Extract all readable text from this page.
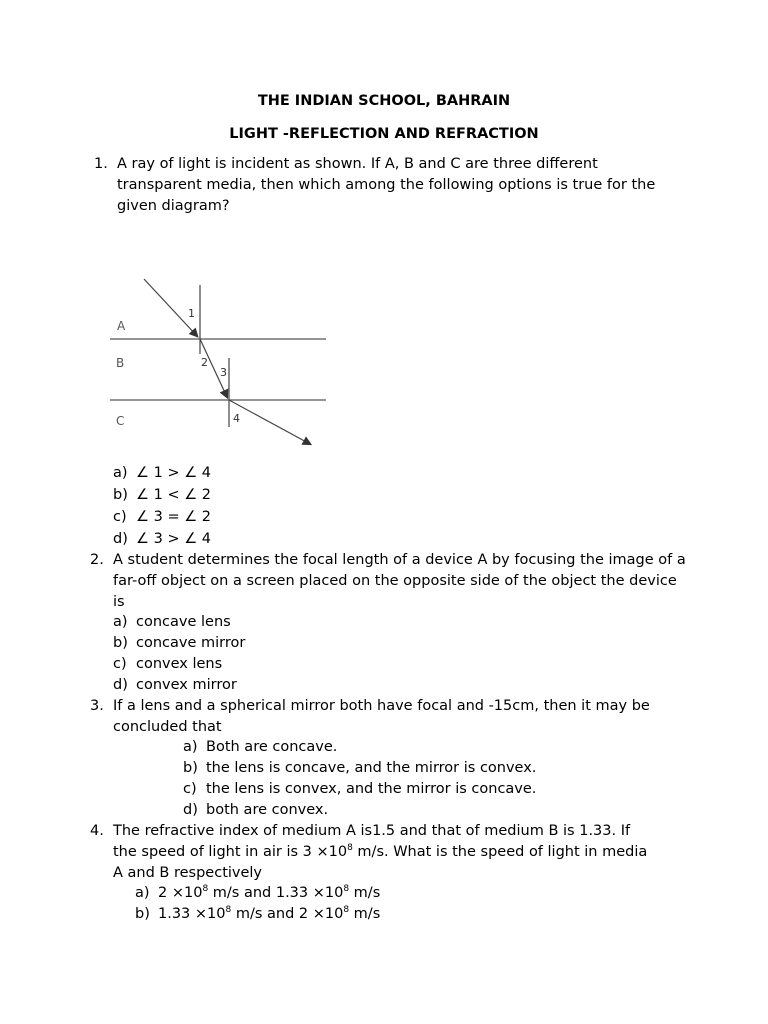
THE INDIAN SCHOOL, BAHRAIN
LIGHT -REFLECTION AND REFRACTION
1. A ray of light is incident as shown. If A, B and C are three different transparent media, then which among the following options is true for the given diagram?
A
B
C
1
2
3
4
a) ∠ 1 > ∠ 4
b) ∠ 1 < ∠ 2
c) ∠ 3 = ∠ 2
d) ∠ 3 > ∠ 4
2. A student determines the focal length of a device A by focusing the image of a far-off object on a screen placed on the opposite side of the object the device is
a) concave lens
b) concave mirror
c) convex lens
d) convex mirror
3. If a lens and a spherical mirror both have focal and -15cm, then it may be concluded that
a) Both are concave.
b) the lens is concave, and the mirror is convex.
c) the lens is convex, and the mirror is concave.
d) both are convex.
4. The refractive index of medium A is1.5 and that of medium B is 1.33. If
the speed of light in air is $3 \times 10^8$ m/s. What is the speed of light in media
A and B respectively
a) $2 \times 10^8$ m/s and $1.33 \times 10^8$ m/s
b) $1.33 \times 10^8$ m/s and $2 \times 10^8$ m/s
